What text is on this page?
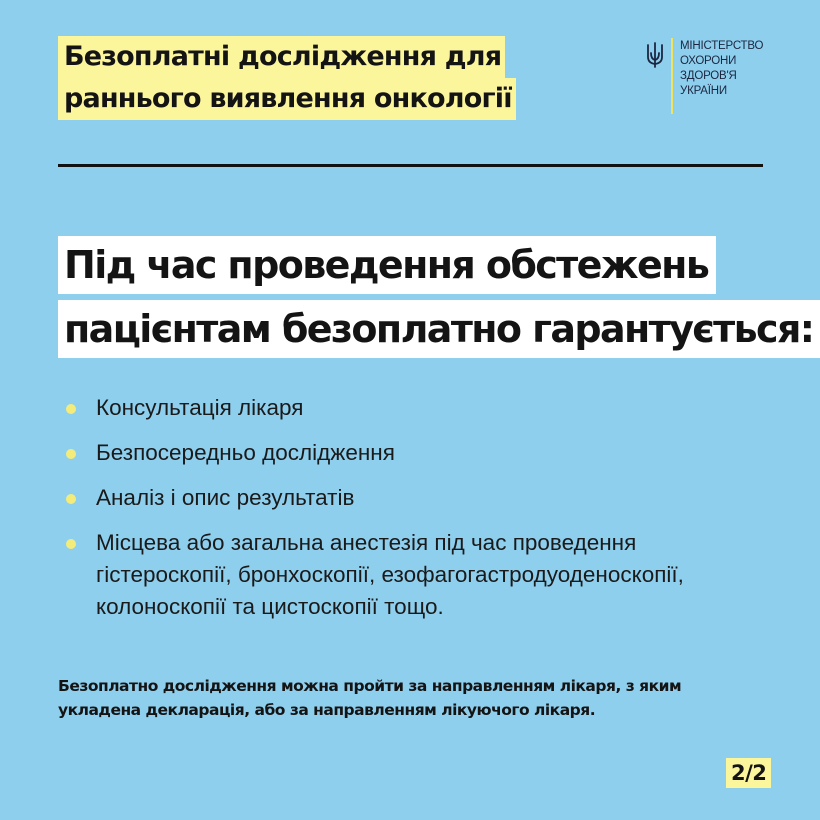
Безоплатні дослідження для
раннього виявлення онкології
МІНІСТЕРСТВО
ОХОРОНИ
ЗДОРОВ'Я
УКРАЇНИ
Під час проведення обстежень
пацієнтам безоплатно гарантується:
Консультація лікаря
Безпосередньо дослідження
Аналіз і опис результатів
Місцева або загальна анестезія під час проведення
гістероскопії, бронхоскопії, езофагогастродуоденоскопії,
колоноскопії та цистоскопії тощо.
Безоплатно дослідження можна пройти за направленням лікаря, з яким
укладена декларація, або за направленням лікуючого лікаря.
2/2
